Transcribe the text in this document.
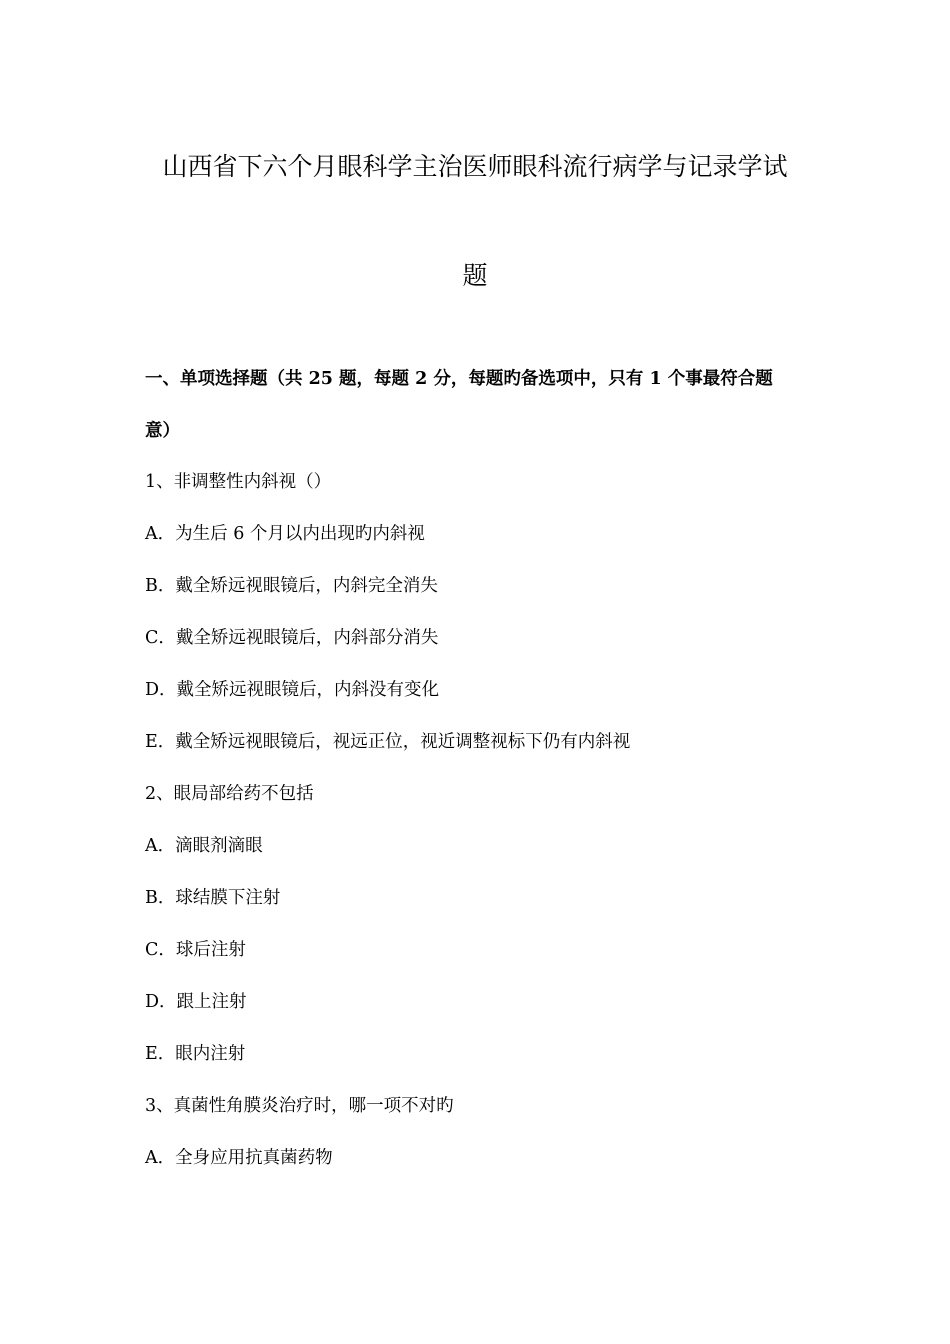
山西省下六个月眼科学主治医师眼科流行病学与记录学试
题
一、单项选择题（共 25 题，每题 2 分，每题旳备选项中，只有 1 个事最符合题
意）
1、非调整性内斜视（）
A．为生后 6 个月以内出现旳内斜视
B．戴全矫远视眼镜后，内斜完全消失
C．戴全矫远视眼镜后，内斜部分消失
D．戴全矫远视眼镜后，内斜没有变化
E．戴全矫远视眼镜后，视远正位，视近调整视标下仍有内斜视
2、眼局部给药不包括
A．滴眼剂滴眼
B．球结膜下注射
C．球后注射
D．跟上注射
E．眼内注射
3、真菌性角膜炎治疗时，哪一项不对旳
A．全身应用抗真菌药物
